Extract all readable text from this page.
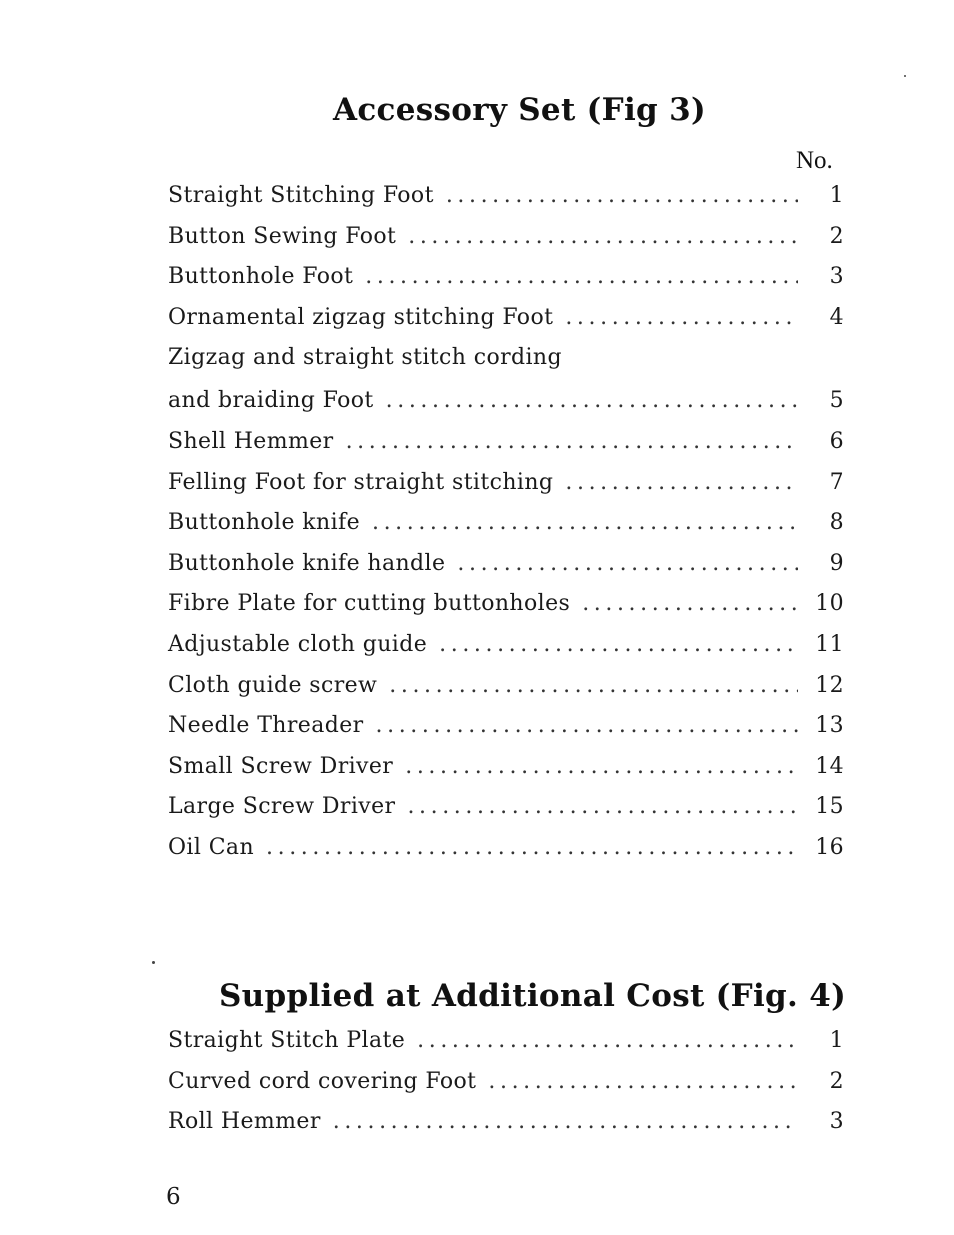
Accessory Set (Fig 3)
No.
Straight Stitching Foot . . .	1
Button Sewing Foot . . .	2
Buttonhole Foot . . .	3
Ornamental zigzag stitching Foot . . .	4
Zigzag and straight stitch cording
and braiding Foot . . .	5
Shell Hemmer . . .	6
Felling Foot for straight stitching . . .	7
Buttonhole knife . . .	8
Buttonhole knife handle . . .	9
Fibre Plate for cutting buttonholes . . .	10
Adjustable cloth guide . . .	11
Cloth guide screw . . .	12
Needle Threader . . .	13
Small Screw Driver . . .	14
Large Screw Driver . . .	15
Oil Can . . .	16
Supplied at Additional Cost (Fig. 4)
Straight Stitch Plate . . .	1
Curved cord covering Foot . . .	2
Roll Hemmer . . .	3
6
